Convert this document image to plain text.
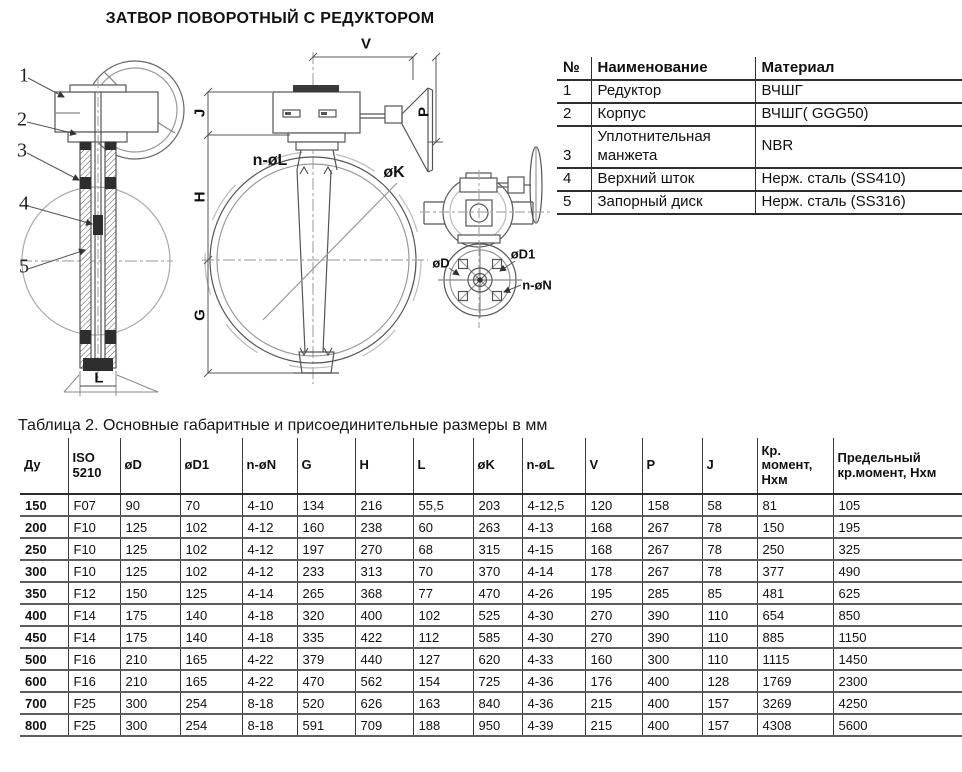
ЗАТВОР ПОВОРОТНЫЙ С РЕДУКТОРОМ
1
2
3
4
5
L
V
J	P
H
G
n-øL
øK
øD
øD1
n-øN
№	Наименование	Материал
1	Редуктор	ВЧШГ
2	Корпус	ВЧШГ( GGG50)
3	Уплотнительная манжета	NBR
4	Верхний шток	Нерж. сталь (SS410)
5	Запорный диск	Нерж. сталь (SS316)
Таблица 2. Основные габаритные и присоединительные размеры в мм
Ду	ISO 5210	øD	øD1	n-øN	G	H	L	øK	n-øL	V	P	J	Кр. момент, Нхм	Предельный кр.момент, Нхм
150	F07	90	70	4-10	134	216	55,5	203	4-12,5	120	158	58	81	105
200	F10	125	102	4-12	160	238	60	263	4-13	168	267	78	150	195
250	F10	125	102	4-12	197	270	68	315	4-15	168	267	78	250	325
300	F10	125	102	4-12	233	313	70	370	4-14	178	267	78	377	490
350	F12	150	125	4-14	265	368	77	470	4-26	195	285	85	481	625
400	F14	175	140	4-18	320	400	102	525	4-30	270	390	110	654	850
450	F14	175	140	4-18	335	422	112	585	4-30	270	390	110	885	1150
500	F16	210	165	4-22	379	440	127	620	4-33	160	300	110	1115	1450
600	F16	210	165	4-22	470	562	154	725	4-36	176	400	128	1769	2300
700	F25	300	254	8-18	520	626	163	840	4-36	215	400	157	3269	4250
800	F25	300	254	8-18	591	709	188	950	4-39	215	400	157	4308	5600
